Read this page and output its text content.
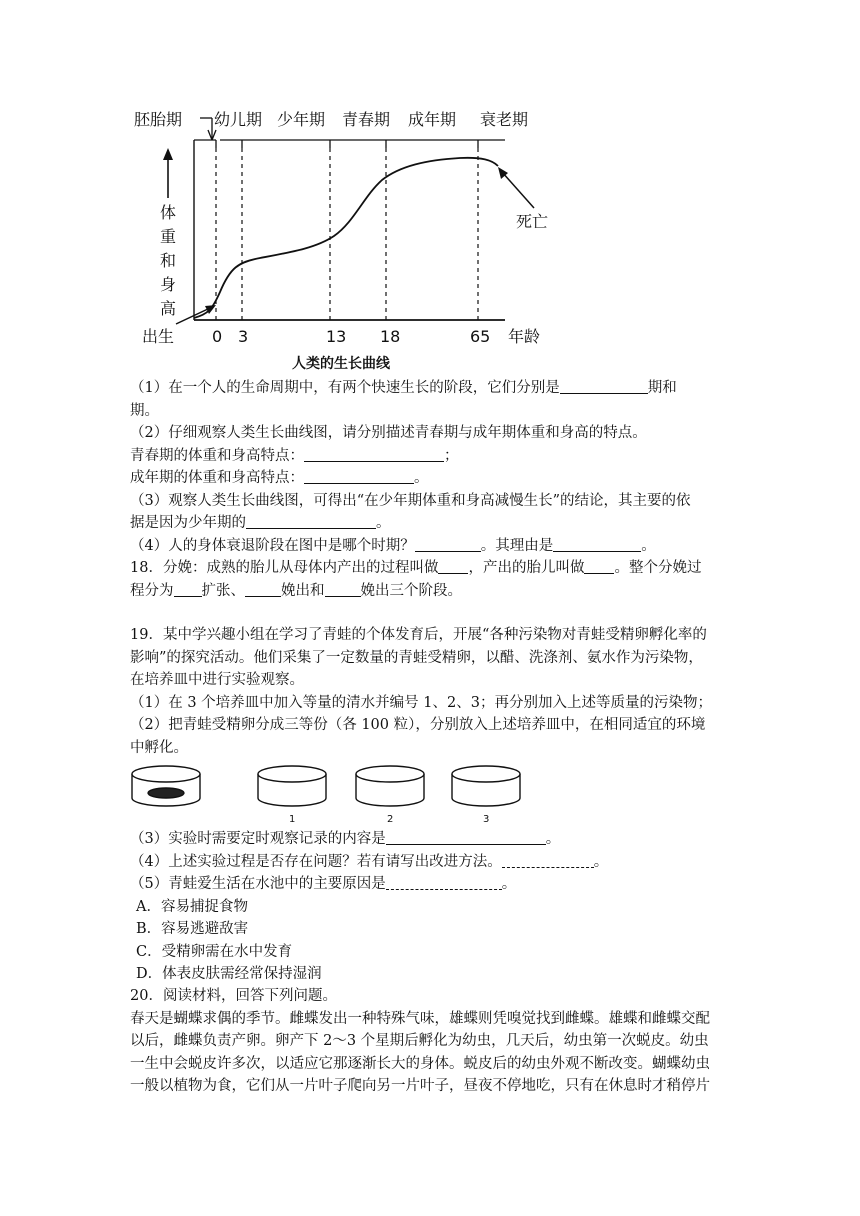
胚胎期 幼儿期 少年期 青春期 成年期 衰老期
体
重
和
身
高
出生 0 3	13 18	65 年龄
死亡
人类的生长曲线
（1）在一个人的生命周期中，有两个快速生长的阶段，它们分别是	期和
期。
（2）仔细观察人类生长曲线图，请分别描述青春期与成年期体重和身高的特点。
青春期的体重和身高特点：	；
成年期的体重和身高特点：	。
（3）观察人类生长曲线图，可得出“在少年期体重和身高减慢生长”的结论，其主要的依
据是因为少年期的	。
（4）人的身体衰退阶段在图中是哪个时期？	。其理由是	。
18．分娩：成熟的胎儿从母体内产出的过程叫做 ，产出的胎儿叫做 。整个分娩过
程分为 扩张、 娩出和 娩出三个阶段。
19．某中学兴趣小组在学习了青蛙的个体发育后，开展“各种污染物对青蛙受精卵孵化率的
影响”的探究活动。他们采集了一定数量的青蛙受精卵，以醋、洗涤剂、氨水作为污染物，
在培养皿中进行实验观察。
（1）在 3 个培养皿中加入等量的清水并编号 1、2、3；再分别加入上述等质量的污染物；
（2）把青蛙受精卵分成三等份（各 100 粒），分别放入上述培养皿中，在相同适宜的环境
中孵化。
1	2	3
（3）实验时需要定时观察记录的内容是	。
（4）上述实验过程是否存在问题？若有请写出改进方法。	。
（5）青蛙爱生活在水池中的主要原因是	。
A．容易捕捉食物
B．容易逃避敌害
C．受精卵需在水中发育
D．体表皮肤需经常保持湿润
20．阅读材料，回答下列问题。
春天是蝴蝶求偶的季节。雌蝶发出一种特殊气味，雄蝶则凭嗅觉找到雌蝶。雄蝶和雌蝶交配
以后，雌蝶负责产卵。卵产下 2～3 个星期后孵化为幼虫，几天后，幼虫第一次蜕皮。幼虫
一生中会蜕皮许多次，以适应它那逐渐长大的身体。蜕皮后的幼虫外观不断改变。蝴蝶幼虫
一般以植物为食，它们从一片叶子爬向另一片叶子，昼夜不停地吃，只有在休息时才稍停片
